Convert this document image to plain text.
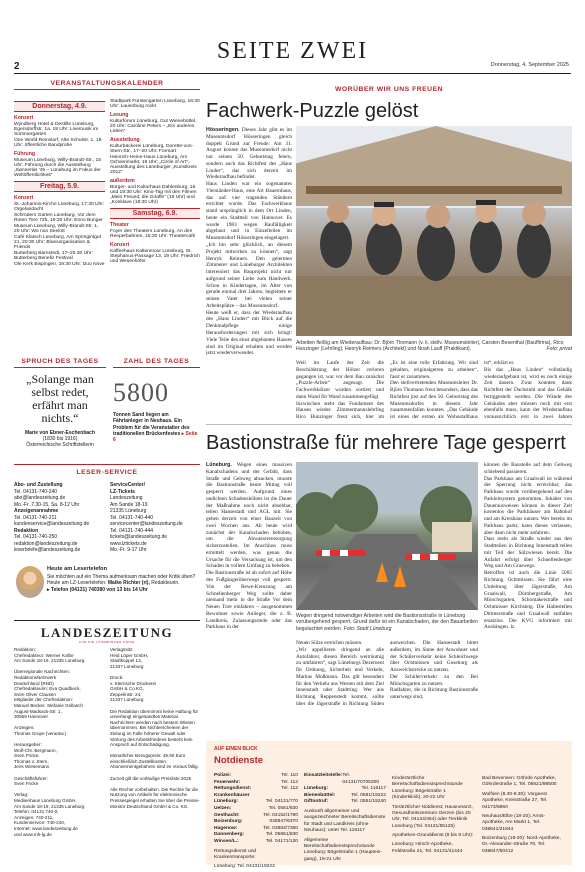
2
SEITE ZWEI
Donnerstag, 4. September 2025
VERANSTALTUNGSKALENDER
Donnerstag, 4.9.
Konzert
Wyndberg Hotel & Destille Lüneburg, Egersdorffstr. 1a, 18 Uhr: Livemusik im Sommergarten
One World Reinstorf, Alte Schulstr. 1, 18 Uhr: öffentliche Bandprobe
Führung
Museum Lüneburg, Willy-Brandt-Str., 15 Uhr: Führung durch die Ausstellung „Sønnerlør '45 – Lüneburg im Fokus der Weltöffentlichkeit“
Freitag, 5.9.
Konzert
St.-Johannis-Kirche Lüneburg, 17:30 Uhr: Orgelandacht
Schröders Garten Lüneburg, Vor dem Roten Tore 72b, 19:30 Uhr: Enno Bunger
Museum Lüneburg, Willy-Brandt-Str. 1, 20 Uhr: Wo nun Seelott
Café Klatsch Lüneburg, Am Springintgut 21, 20:30 Uhr: Bluesorganisation & Friends
Butterberg Barnstedt, 17–20.30 Uhr: Butterberg Benefiz Festival
Ole Kerk Bispingen, 19:30 Uhr: Duo Nove
Stadtpark Fürstengarten Lüneburg, 18:30 Uhr: Lauenburg rockt
Lesung
Kulturforum Lüneburg, Gut Wienebüttel, 20 Uhr: Caroline Peters – „Ein anderes Leben“
Ausstellung
Kulturbäckerei Lüneburg, Dorette-von-Stern-Str., 17–20 Uhr: Formart
Heinrich-Heine-Haus Lüneburg, Am Ochsenmarkt, 19 Uhr: „Circle of Art“, Ausstellung des Lüneburger „Kunstkreis 2012“
außerdem
Bürger- und Kulturhaus Dahlenburg, 16 und 19:30 Uhr: Kino-Tag mit den Filmen „Mein Freund, die Giraffe“ (16 Uhr) und „Konklave (19:30 Uhr)
Samstag, 6.9.
Theater
Foyer des Theaters Lüneburg, An den Reeperbahnen, 15:30 Uhr: Theatercafé
Konzert
Kaffeehaus Kaltenmoor Lüneburg, St. Stephanus-Passage 13, 19 Uhr: Friedrich und Wesenhöfer
SPRUCH DES TAGES
„Solange man selbst redet, erfährt man nichts.“
Marie von Ebner-Eschenbach
(1830 bis 1916)
Österreichische Schriftstellerin
ZAHL DES TAGES
5800
Tonnen Sand liegen am Fährlanleger in Neuhaus. Ein Problem für die Veranstalter des traditionellen Brückenfestes ▸ Seite 6
LESER-SERVICE
Abo- und Zustellung
Tel. 04131-740-240
abo@landeszeitung.de
Mo.-Fr. 7.30-15, Sa. 8-12 Uhr
Anzeigenannahme
Tel. 04131-740-211
kundenservice@landeszeitung.de
Redaktion
Tel. 04131-740-250
redaktion@landeszeitung.de
leserbriefe@landeszeitung.de
ServiceCenter/
LZ-Tickets
Landeszeitung
Am Sande 18-19
21335 Lüneburg
Tel. 04131-740-440
servicecenter@landeszeitung.de
Tel. 04131-740-444
tickets@landeszeitung.de
www.lztickets.de
Mo.-Fr. 9-17 Uhr
Heute am Lesertelefon
Sie möchten auf ein Thema aufmerksam machen oder Kritik üben? Heute am LZ-Lesertelefon: Maike Richter (ri), Redakteurin.
▸ Telefon (04131) 740380 von 13 bis 14 Uhr
LANDESZEITUNG
FÜR DIE LÜNEBURGER HEIDE
Redaktion:
Chefredakteur: Werner Kolbe
Am Sande 18-19, 21335 Lüneburg

Überregionale Nachrichten:
RedaktionsNetzwerk
Deutschland (RND)
Chefredakteurin: Eva Quadbeck,
Sven Oliver Clausen
Mitglieder der Chefredaktion:
Manuel Becker, Stefanie Gollasch
August-Madsack-Str. 1,
30559 Hannover

Anzeigen:
Thomas Grupe (verantw.)

Herausgeber:
Wolf-Chr. Bergmann,
Sven Fricke,
Thomas v. Stern,
Jens Wiesemann

Geschäftsführer:
Sven Fricke

Verlag:
Mediienhaus Lüneburg GmbH,
Am Sande 18-19, 21335 Lüneburg
Telefon: 04131 740-0,
Anzeigen: 740-211,
Kundenservice: 740-240,
Internet: www.landeszeitung.de
und www.mh-lg.de
Verlagssitz:
Heid Löper GmbH,
Stadtkoppel 13,
21337 Lüneburg

Druck:
v. Sternsche Druckerei
GmbH & Co.KG,
Zeppelinstr. 24,
21337 Lüneburg

Die Redaktion übernimmt keine Haftung für unverlangt eingesandtes Material. Nachrichten werden nach bestem Wissen übernommen. Bei Nichterscheinen der Zeitung im Falle höherer Gewalt oder Störung des Arbeitsfriedens besteht kein Anspruch auf Entschädigung.

Monatlicher Bezugspreis: 49,90 Euro einschließlich Zustellkosten. Abonnementgebühren sind im Voraus fällig.

Zurzeit gilt die vorläufige Preisliste 2025

Alle Rechte vorbehalten. Die Rechte für die Nutzung von Artikeln für elektronische Pressespiegel erhalten Sie über die Presse-Monitor Deutschland GmbH & Co. KG.
WORÜBER WIR UNS FREUEN
Fachwerk-Puzzle gelöst
Hösseringen. Dieses Jahr gibt es im Museumsdorf Hösseringen gleich doppelt Grund zur Freude: Am 31. August konnte das Museumsdorf nicht nur seinen 50. Geburtstag feiern, sondern auch das Richtfest des „Haus Lindes“, das sich derzeit im Wiederaufbau befindet.
Haus Linden war ein sogenanntes Vierständer-Haus, eine Art Bauernhaus, das auf vier tragenden Ständern errichtet wurde. Das Fachwerkhaus stand ursprünglich in dem Ort Linden, heute ein Stadtteil von Hannover. Es wurde 1983 wegen Baufälligkeit abgebaut und in Einzelteilen im Museumsdorf Hösseringen eingelagert.
„Ich bin sehr glücklich, an diesem Projekt mitwirken zu können“, sagt Henryk Reimers. Den gelernten Zimmerer und Lüneburger Architekten interessiert das Bauprojekt nicht nur aufgrund seiner Liebe zum Handwerk. Schon in Kindertagen, im Alter von gerade einmal drei Jahren, begleitete er seinen Vater bei vielen seiner Arbeitsplätze – das Museumsdorf.
Heute weiß er, dass der Wiederaufbau des „Haus Linden“ mit Blick auf die Denkmalpflege einige Herausforderungen mit sich bringt: Viele Teile des einst abgebauten Hauses sind im Original erhalten und werden jetzt wiederverwendet.
Arbeiten fleißig am Wiederaufbau: Dr. Björn Thomann (v. li. stellv. Museumsleiter), Carsten Besenthal (Bauffirma), Rico Hunzinger (Lehrling), Henryk Reimers (Architekt) und Noah Lauff (Praktikant).	Foto: privat
Weil im Laufe der Zeit die Beschilderung der Hölzer verloren gegangen ist, war vor dem Bau zunächst „Puzzle-Arbeit“ angesagt. Die Fachwerkhölzer wurden sortiert und dann Wand für Wand zusammengefügt.
Inzwischen steht das Fundament des Hauses wieder. Zimmermannslehrling Rico Hunzinger freut sich, hier im
„Es ist eine tolle Erfahrung. Wir sind gehalten, originalgetreu zu arbeiten“, fasst er zusammen.
Den stellvertretenden Museumsleiter Dr. Björn Thomann freut besonders, dass das Richtfest just auf den 50. Geburtstag des Museumsdorfes in diesem Jahr zusammenfallen konnten. „Das Gebäude ist eines der ersten als Wohnstallhaus
ist“, erklärt er.
Bis das „Haus Linden“ vollständig wiederaufgebaut ist, wird es noch einige Zeit dauern. Zwar konnten dank Richtfest der Dachstuhl und das Gebälk fertiggestellt werden. Die Wände des Gebäudes aber müssen noch mit erst ebenfalls muss, kann der Wiederaufbau voraussichtlich erst in zwei Jahren
Bastionstraße für mehrere Tage gesperrt
Lüneburg. Wegen eines massiven Kanalschadens und der Gefahr, dass Straße und Gehweg absacken, musste die Bastionstraße heute Mittag voll gesperrt werden. Aufgrund eines undichten Schadenshöhtes ist die Dauer der Maßnahme noch nicht absehbar, teilen Hansestadt und AGL mit. Sie gehen derzeit von einer Bauzeit von zwei Wochen aus. Ab heute wird zunächst der Kanalschaden behoben, um die Abwasserentsorgung sicherzustellen. Im Anschluss muss ermittelt werden, was genau die Ursache für die Versackung ist, um den Schaden in vollem Umfang zu beheben.
Die Bastionstraße ist ab sofort auf Höhe des Fußgängerüberwegs voll gesperrt. Von der Bewe-Kreuzung am Schnellenberger Weg sollte daher niemand mehr in die Straße Vor dem Neuen Tore einfahren – ausgenommen Bewohner sowie Anlieger, die z. B. Landkreis, Zulassungsstelle oder das Parkhaus in der
Wegen dringend notwendiger Arbeiten wird die Bastionsstraße in Lüneburg vorübergehend gesperrt. Grund dafür ist ein Kanalschaden, der den Bauarbeiten begutachtet werden. Foto: Stadt Lüneburg
Neuen Sülze erreichen müssen.
„Wir appellieren dringend an alle Autofahrer, diesen Bereich weiträumig zu umfahren“, sagt Lüneburgs Dezernent für Ordnung, Sicherheit und Verkehr, Markus Moßmann. Das gilt besonders für den Verkehr aus Westen mit dem Ziel Innenstadt oder Stadtring. Wer aus Richtung Reppenstedt kommt, sollte über die Jägerstraße in Richtung Süden ausweichen. Die Hansestadt bittet außerdem, im Sinne der Anwohner und der Schülerverkehr keine Schleichwege über Ochtmissen und Goseburg als Ausweichstrecke zu nutzen.
Der Schülerverkehr zu den Bei Mönchsgarten zu nutzen.
Radfahrer, die in Richtung Bastionstraße unterwegs sind,
können die Baustelle auf dem Gehweg schiebend passieren.
Das Parkhaus am Graalwall ist während der Sperrung nicht erreichbar, das Parkhaus wurde vorübergehend auf den Parkleitsystem genommen. Inhaber von Dauerausweisen können in dieser Zeit kostenlos die Parkhäuser am Bahnhof und am Kreishaus nutzen. Wer bereits im Parkhaus parkt, kann dieses verlassen, aber dann nicht mehr anfahren.
Dass mehr als Straße wieder aus den Stadtteilen in Richtung Innenstadt teilen mit Teil der Sülzwiesen bereit. Die Anfahrt erfolgt über Schnellenberger Weg und Am Graswegs.
Betroffen ist auch die Linie 5005 Richtung Ochtmissen. Sie fährt eine Umleitung über Jägerstraße, Am Graalwall, Dörnbergstraße, Am Mönchsgarten, Schomakerstraße und Ochtmisser Kirchsteig. Die Haltestellen Dittmerstraße und Graalwall entfallen ersatzlos. Die KVG informiert mit Aushängen. lz
AUF EINEN BLICK
Notdienste
Polizei:	Tel. 110
Feuerwehr:	Tel. 112
Rettungsdienst:	Tel. 112
Krankenhäuser
Lüneburg:	Tel. 04131/770
Uelzen:	Tel. 0581/830
Gesthacht:	Tel. 04152/1790
Boizenburg:	038847/6370
Hagenow:	Tel. 03883/7360
Dannenberg:	Tel. 05861/830
Winsen/L.:	Tel. 04171/130
Rettungsdienst und Krankentransporte:
Lüneburg: Tel. 04131/19222
Einsatzleitstelle: Tel. 04131/70705300
Lüneburg:	Tel. 116117
Bienenbüttel:	Tel. 0581/19222
Giftnotruf:	Tel. 0551/19240
Auskunft allgemeiner und ausgezeichneter Bereitschaftsdienste für Stadt und Landkreis (ohne Neuhaus): unter Tel. 116117
Allgemeine Bereitschaftsdienstsprechstunde Lüneburg: Bögelstraße 1 (Hauptein-gang), 19-21 Uhr
Kinderärztliche Bereitschaftsdienstsprechstunde Lüneburg: Bögelstraße 1 (Kinderklinik), 20-22 Uhr
Tierärztlicher Notdienst: Hausnerarzt, Gesundheitszentrum Oerzen (bis 20 Uhr, Tel. 04134/354) oder Tierklinik Lüneburg (Tel. 04131/55125)
Apotheken-Grunddienst (8 bis 8 Uhr):
Lüneburg: Hirsch-Apotheke, Feldstraße 21, Tel. 04131/41444
Bad Bevensen: Göhrde Apotheke, Göhrdestraße 1, Tel. 05821/98500
Wulfsen (8.30-8.30): Vorgeest Apotheke, Kreisstraße 27, Tel. 04173/6860
Neuhaus/Elbe (18-20): Amts-Apotheke, Am Markt 1, Tel. 038841/21844
Boizenburg (18-20): Nord-Apotheke, Dr.-Alexander-Straße 78, Tel. 038847/50412
